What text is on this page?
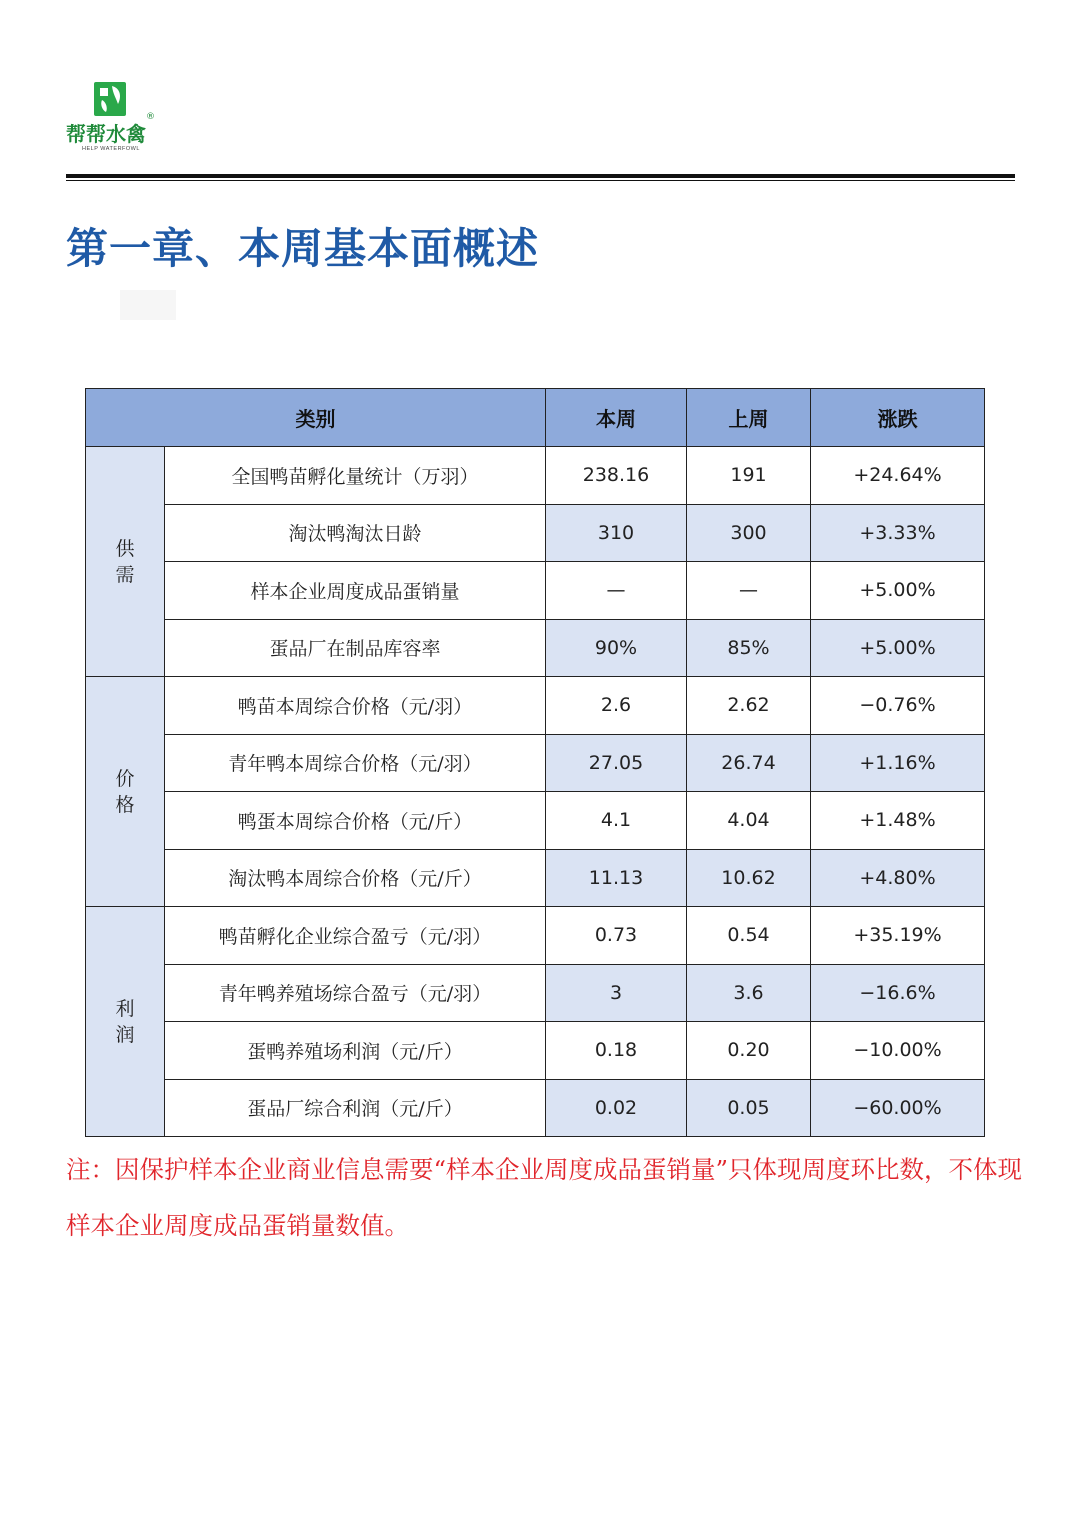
®
帮帮水禽
HELP WATERFOWL
第一章、本周基本面概述
类别		本周	上周	涨跌
供
需	全国鸭苗孵化量统计（万羽）	238.16	191	+24.64%
	淘汰鸭淘汰日龄	310	300	+3.33%
	样本企业周度成品蛋销量	—	—	+5.00%
	蛋品厂在制品库容率	90%	85%	+5.00%
价
格	鸭苗本周综合价格（元/羽）	2.6	2.62	−0.76%
	青年鸭本周综合价格（元/羽）	27.05	26.74	+1.16%
	鸭蛋本周综合价格（元/斤）	4.1	4.04	+1.48%
	淘汰鸭本周综合价格（元/斤）	11.13	10.62	+4.80%
利
润	鸭苗孵化企业综合盈亏（元/羽）	0.73	0.54	+35.19%
	青年鸭养殖场综合盈亏（元/羽）	3	3.6	−16.6%
	蛋鸭养殖场利润（元/斤）	0.18	0.20	−10.00%
	蛋品厂综合利润（元/斤）	0.02	0.05	−60.00%
注：因保护样本企业商业信息需要“样本企业周度成品蛋销量”只体现周度环比数，不体现样本企业周度成品蛋销量数值。
